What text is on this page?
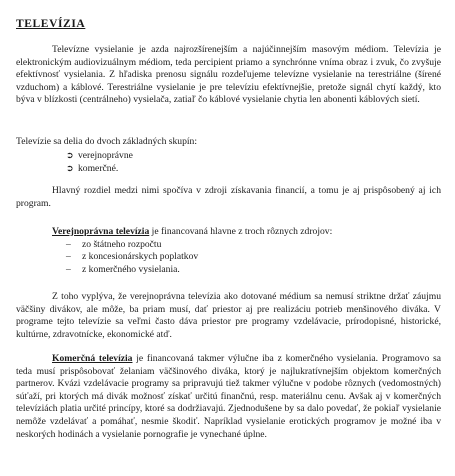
TELEVÍZIA

Televízne vysielanie je azda najrozšírenejším a najúčinnejším masovým médiom. Televízia je elektronickým audiovizuálnym médiom, teda percipient priamo a synchrónne vníma obraz i zvuk, čo zvyšuje efektívnosť vysielania. Z hľadiska prenosu signálu rozdeľujeme televízne vysielanie na terestriálne (šírené vzduchom) a káblové. Terestriálne vysielanie je pre televíziu efektívnejšie, pretože signál chytí každý, kto býva v blízkosti (centrálneho) vysielača, zatiaľ čo káblové vysielanie chytia len abonenti káblových sietí.

Televízie sa delia do dvoch základných skupín:
➲ verejnoprávne
➲ komerčné.

Hlavný rozdiel medzi nimi spočíva v zdroji získavania financií, a tomu je aj prispôsobený aj ich program.

Verejnoprávna televízia je financovaná hlavne z troch rôznych zdrojov:
–	zo štátneho rozpočtu
–	z koncesionárskych poplatkov
–	z komerčného vysielania.

Z toho vyplýva, že verejnoprávna televízia ako dotované médium sa nemusí striktne držať záujmu väčšiny divákov, ale môže, ba priam musí, dať priestor aj pre realizáciu potrieb menšinového diváka. V programe tejto televízie sa veľmi často dáva priestor pre programy vzdelávacie, prírodopisné, historické, kultúrne, zdravotnícke, ekonomické atď.

Komerčná televízia je financovaná takmer výlučne iba z komerčného vysielania. Programovo sa teda musí prispôsobovať želaniam väčšinového diváka, ktorý je najlukratívnejším objektom komerčných partnerov. Kvázi vzdelávacie programy sa pripravujú tiež takmer výlučne v podobe rôznych (vedomostných) súťaží, pri ktorých má divák možnosť získať určitú finančnú, resp. materiálnu cenu. Avšak aj v komerčných televíziách platia určité princípy, ktoré sa dodržiavajú. Zjednodušene by sa dalo povedať, že pokiaľ vysielanie nemôže vzdelávať a pomáhať, nesmie škodiť. Napríklad vysielanie erotických programov je možné iba v neskorých hodinách a vysielanie pornografie je vynechané úplne.
